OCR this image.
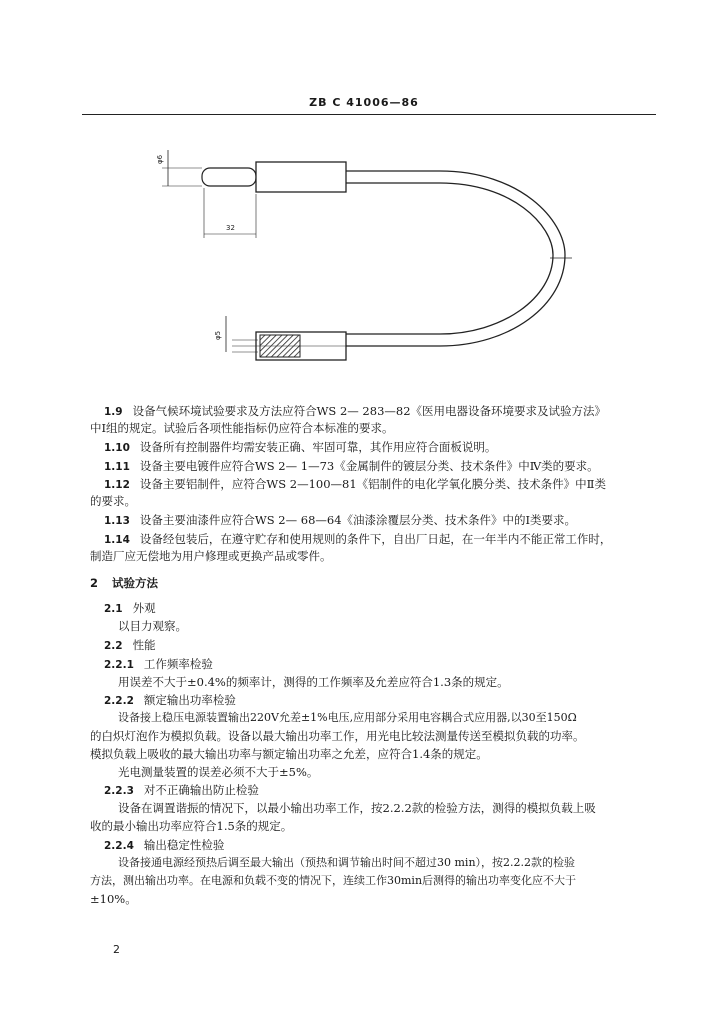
ZB C 41006—86
φ6
32
φ5
1.9 设备气候环境试验要求及方法应符合WS 2— 283—82《医用电器设备环境要求及试验方法》
中Ⅰ组的规定。试验后各项性能指标仍应符合本标准的要求。
1.10 设备所有控制器件均需安装正确、牢固可靠，其作用应符合面板说明。
1.11 设备主要电镀件应符合WS 2— 1—73《金属制件的镀层分类、技术条件》中Ⅳ类的要求。
1.12 设备主要铝制件，应符合WS 2—100—81《铝制件的电化学氧化膜分类、技术条件》中Ⅱ类
的要求。
1.13 设备主要油漆件应符合WS 2— 68—64《油漆涂覆层分类、技术条件》中的Ⅰ类要求。
1.14 设备经包装后，在遵守贮存和使用规则的条件下，自出厂日起，在一年半内不能正常工作时，
制造厂应无偿地为用户修理或更换产品或零件。
2 试验方法
2.1 外观
以目力观察。
2.2 性能
2.2.1 工作频率检验
用误差不大于±0.4%的频率计，测得的工作频率及允差应符合1.3条的规定。
2.2.2 额定输出功率检验
设备接上稳压电源装置输出220V允差±1%电压,应用部分采用电容耦合式应用器,以30至150Ω
的白炽灯泡作为模拟负载。设备以最大输出功率工作，用光电比较法测量传送至模拟负载的功率。
模拟负载上吸收的最大输出功率与额定输出功率之允差，应符合1.4条的规定。
光电测量装置的误差必须不大于±5%。
2.2.3 对不正确输出防止检验
设备在调置谐振的情况下，以最小输出功率工作，按2.2.2款的检验方法，测得的模拟负载上吸
收的最小输出功率应符合1.5条的规定。
2.2.4 输出稳定性检验
设备接通电源经预热后调至最大输出（预热和调节输出时间不超过30 min），按2.2.2款的检验
方法，测出输出功率。在电源和负载不变的情况下，连续工作30min后测得的输出功率变化应不大于
±10%。
2
